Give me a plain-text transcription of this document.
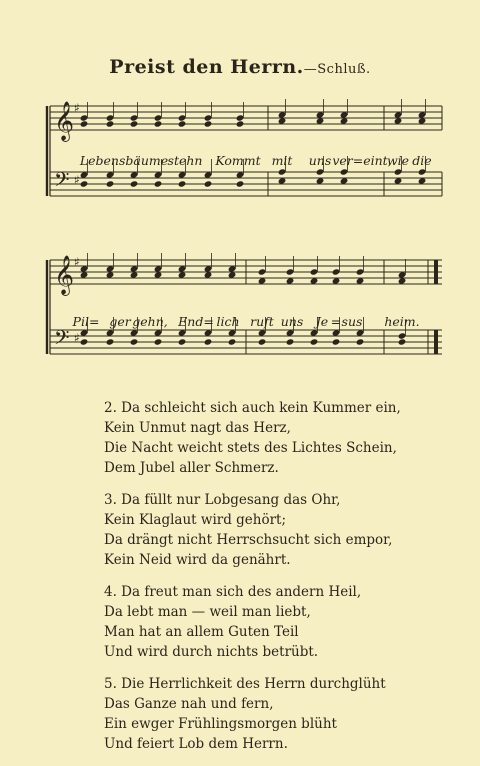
Preist den Herrn.—Schluß.
𝄞 ♯
𝄢 ♯
𝄞 ♯
𝄢 ♯
Lebensbäume stehn Kommt mit uns ver=eint,
wie die
Pil= ger gehn, End= lich ruft uns Je = sus heim.
2. Da schleicht sich auch kein Kummer ein,
Kein Unmut nagt das Herz,
Die Nacht weicht stets des Lichtes Schein,
Dem Jubel aller Schmerz.
3. Da füllt nur Lobgesang das Ohr,
Kein Klaglaut wird gehört;
Da drängt nicht Herrschsucht sich empor,
Kein Neid wird da genährt.
4. Da freut man sich des andern Heil,
Da lebt man — weil man liebt,
Man hat an allem Guten Teil
Und wird durch nichts betrübt.
5. Die Herrlichkeit des Herrn durchglüht
Das Ganze nah und fern,
Ein ewger Frühlingsmorgen blüht
Und feiert Lob dem Herrn.
